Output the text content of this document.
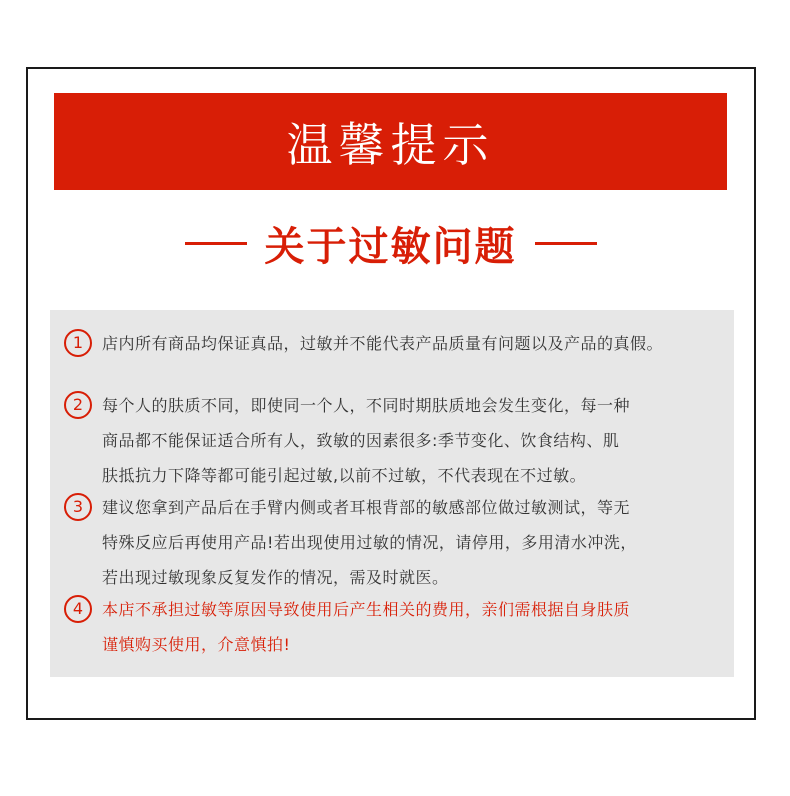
温馨提示
关于过敏问题
1	店内所有商品均保证真品，过敏并不能代表产品质量有问题以及产品的真假。
2	每个人的肤质不同，即使同一个人，不同时期肤质地会发生变化，每一种
商品都不能保证适合所有人，致敏的因素很多:季节变化、饮食结构、肌
肤抵抗力下降等都可能引起过敏,以前不过敏，不代表现在不过敏。
3	建议您拿到产品后在手臂内侧或者耳根背部的敏感部位做过敏测试，等无
特殊反应后再使用产品!若出现使用过敏的情况，请停用，多用清水冲洗，
若出现过敏现象反复发作的情况，需及时就医。
4	本店不承担过敏等原因导致使用后产生相关的费用，亲们需根据自身肤质
谨慎购买使用，介意慎拍!
